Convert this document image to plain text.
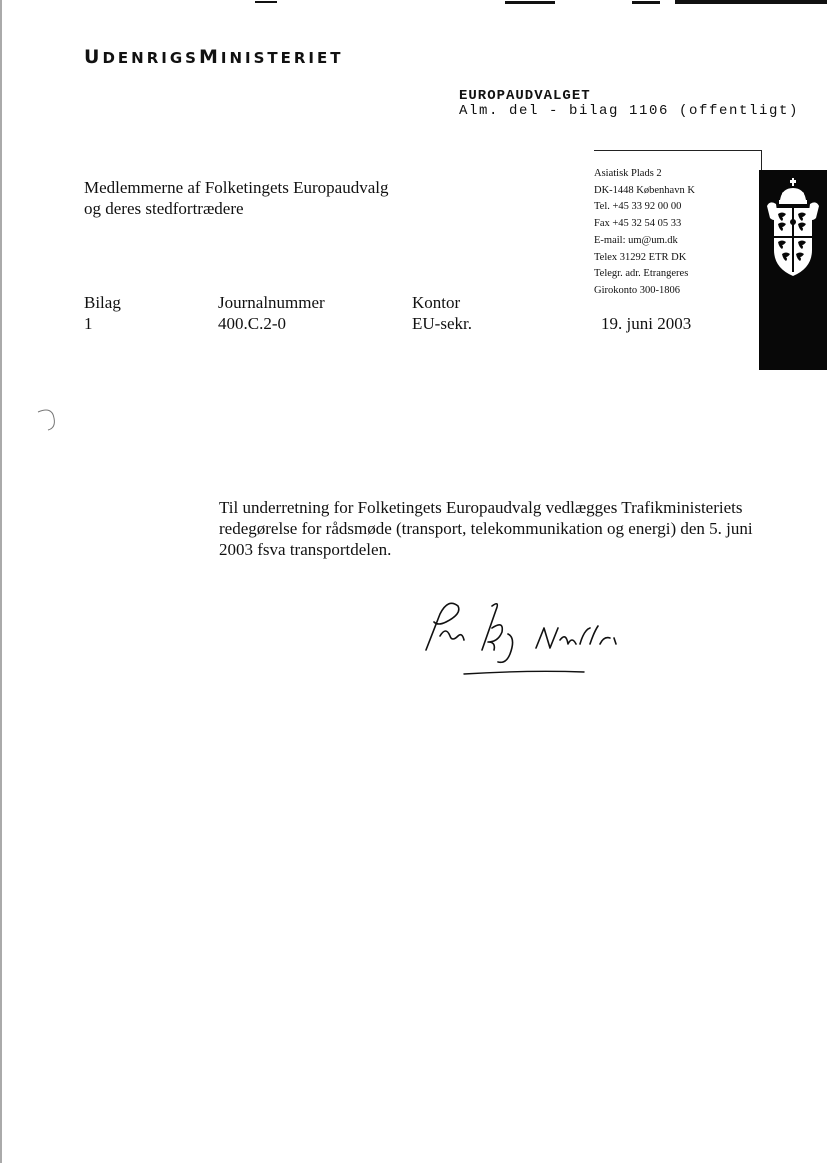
UDENRIGSMINISTERIET
EUROPAUDVALGET
Alm. del - bilag 1106 (offentligt)
Asiatisk Plads 2
DK-1448 København K
Tel. +45 33 92 00 00
Fax +45 32 54 05 33
E-mail: um@um.dk
Telex 31292 ETR DK
Telegr. adr. Etrangeres
Girokonto 300-1806
Medlemmerne af Folketingets Europaudvalg
og deres stedfortrædere
Bilag	Journalnummer	Kontor
1	400.C.2-0	EU-sekr.	19. juni 2003
Til underretning for Folketingets Europaudvalg vedlægges Trafikministeriets redegørelse for rådsmøde (transport, telekommunikation og energi) den 5. juni 2003 fsva transportdelen.
